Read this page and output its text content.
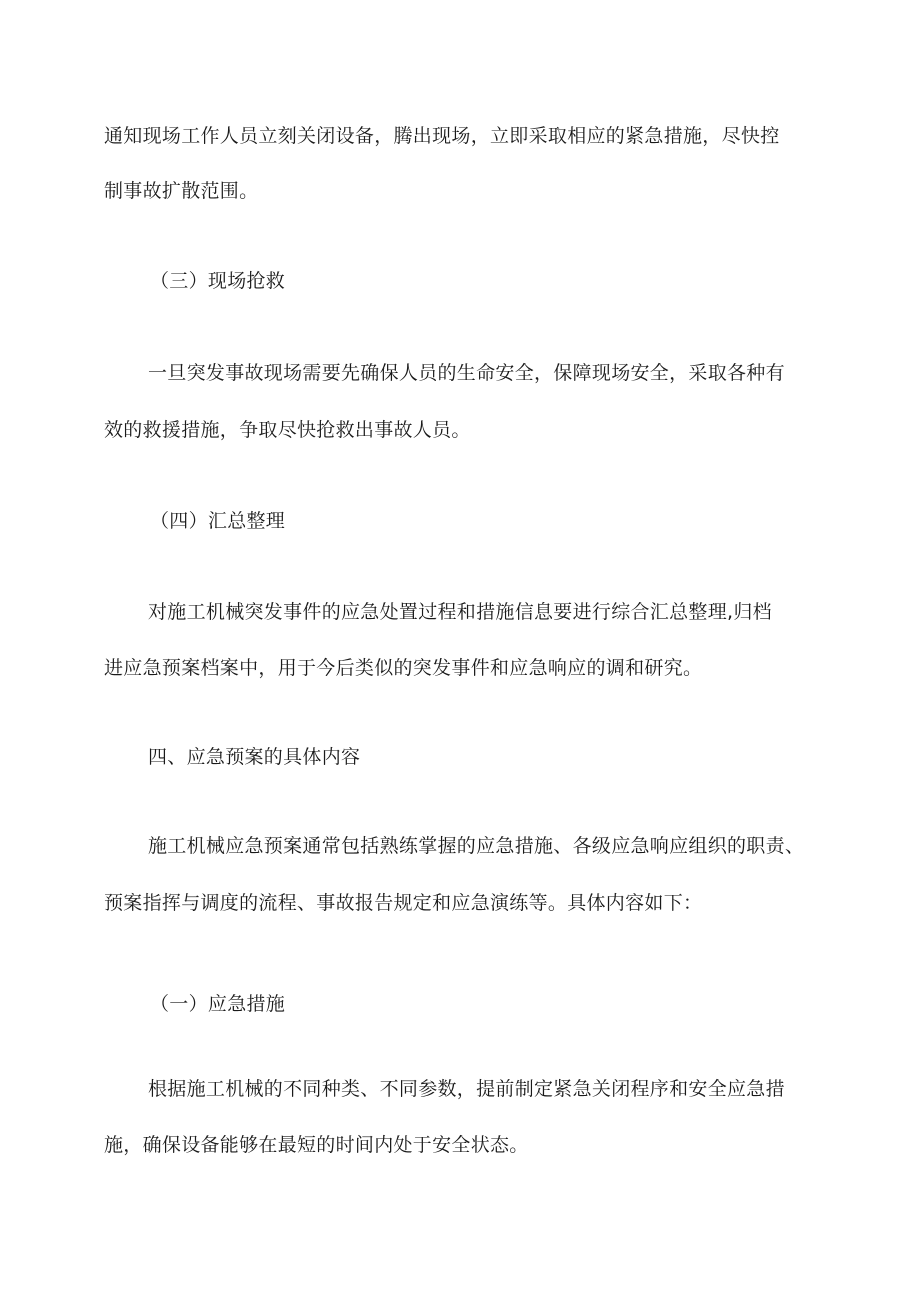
通知现场工作人员立刻关闭设备，腾出现场，立即采取相应的紧急措施，尽快控
制事故扩散范围。
（三）现场抢救
一旦突发事故现场需要先确保人员的生命安全，保障现场安全，采取各种有
效的救援措施，争取尽快抢救出事故人员。
（四）汇总整理
对施工机械突发事件的应急处置过程和措施信息要进行综合汇总整理,归档
进应急预案档案中，用于今后类似的突发事件和应急响应的调和研究。
四、应急预案的具体内容
施工机械应急预案通常包括熟练掌握的应急措施、各级应急响应组织的职责、
预案指挥与调度的流程、事故报告规定和应急演练等。具体内容如下：
（一）应急措施
根据施工机械的不同种类、不同参数，提前制定紧急关闭程序和安全应急措
施，确保设备能够在最短的时间内处于安全状态。
